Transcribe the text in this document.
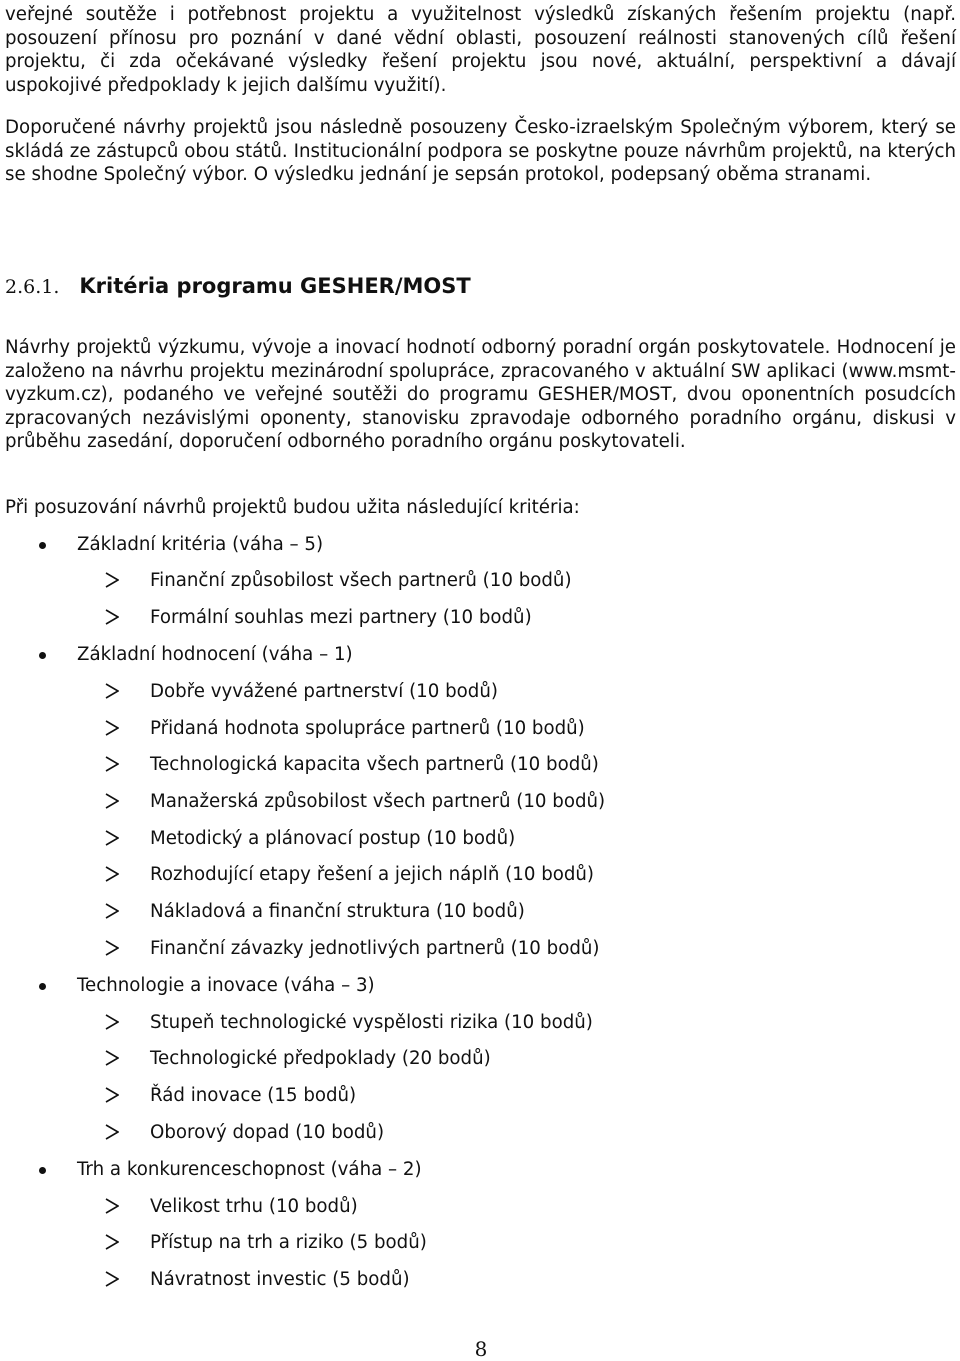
veřejné soutěže i potřebnost projektu a využitelnost výsledků získaných řešením projektu (např. posouzení přínosu pro poznání v dané vědní oblasti, posouzení reálnosti stanovených cílů řešení projektu, či zda očekávané výsledky řešení projektu jsou nové, aktuální, perspektivní a dávají uspokojivé předpoklady k jejich dalšímu využití).

Doporučené návrhy projektů jsou následně posouzeny Česko-izraelským Společným výborem, který se skládá ze zástupců obou států. Institucionální podpora se poskytne pouze návrhům projektů, na kterých se shodne Společný výbor. O výsledku jednání je sepsán protokol, podepsaný oběma stranami.

2.6.1. Kritéria programu GESHER/MOST

Návrhy projektů výzkumu, vývoje a inovací hodnotí odborný poradní orgán poskytovatele. Hodnocení je založeno na návrhu projektu mezinárodní spolupráce, zpracovaného v aktuální SW aplikaci (www.msmt-vyzkum.cz), podaného ve veřejné soutěži do programu GESHER/MOST, dvou oponentních posudcích zpracovaných nezávislými oponenty, stanovisku zpravodaje odborného poradního orgánu, diskusi v průběhu zasedání, doporučení odborného poradního orgánu poskytovateli.

Při posuzování návrhů projektů budou užita následující kritéria:

Základní kritéria (váha – 5)
Finanční způsobilost všech partnerů (10 bodů)
Formální souhlas mezi partnery (10 bodů)
Základní hodnocení (váha – 1)
Dobře vyvážené partnerství (10 bodů)
Přidaná hodnota spolupráce partnerů (10 bodů)
Technologická kapacita všech partnerů (10 bodů)
Manažerská způsobilost všech partnerů (10 bodů)
Metodický a plánovací postup (10 bodů)
Rozhodující etapy řešení a jejich náplň (10 bodů)
Nákladová a finanční struktura (10 bodů)
Finanční závazky jednotlivých partnerů (10 bodů)
Technologie a inovace (váha – 3)
Stupeň technologické vyspělosti rizika (10 bodů)
Technologické předpoklady (20 bodů)
Řád inovace (15 bodů)
Oborový dopad (10 bodů)
Trh a konkurenceschopnost (váha – 2)
Velikost trhu (10 bodů)
Přístup na trh a riziko (5 bodů)
Návratnost investic (5 bodů)
8
